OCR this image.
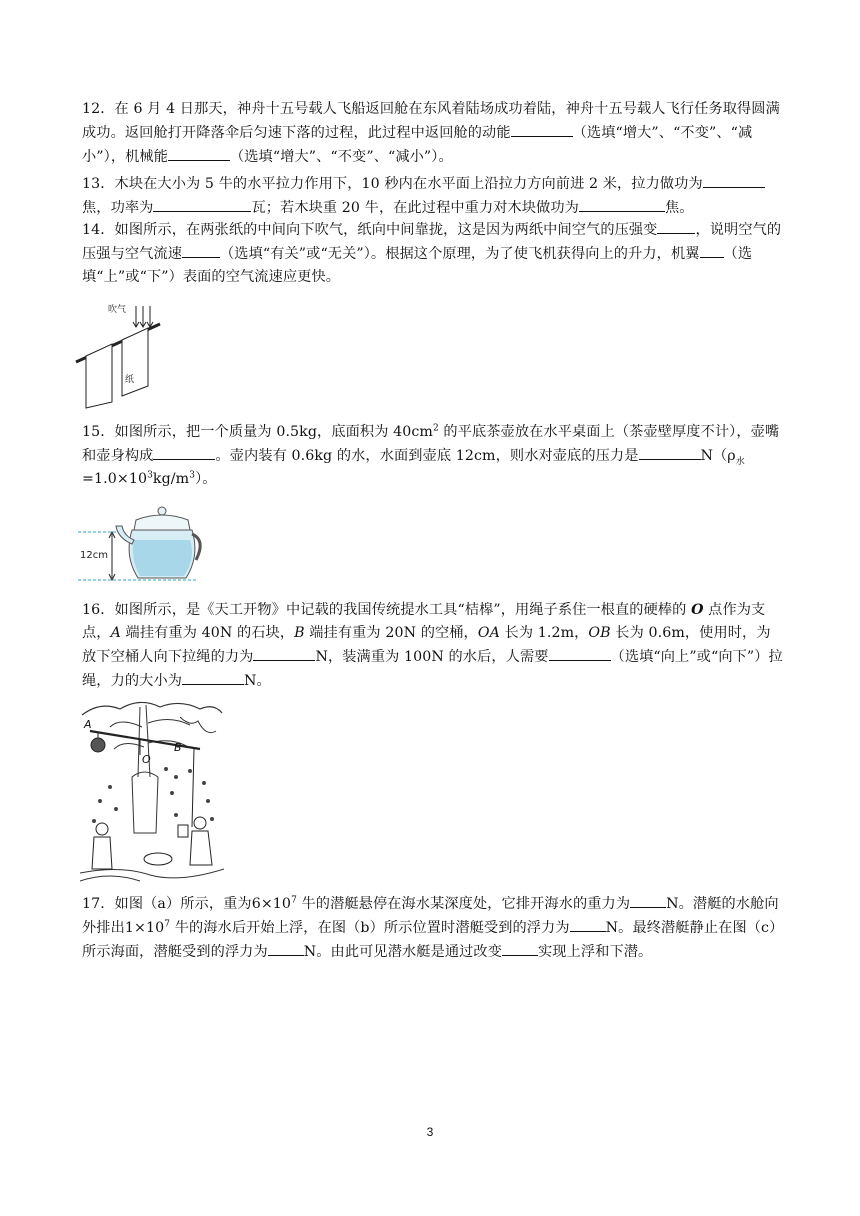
12．在 6 月 4 日那天，神舟十五号载人飞船返回舱在东风着陆场成功着陆，神舟十五号载人飞行任务取得圆满成功。返回舱打开降落伞后匀速下落的过程，此过程中返回舱的动能	（选填“增大”、“不变”、“减小”），机械能	（选填“增大”、“不变”、“减小”）。
13．木块在大小为 5 牛的水平拉力作用下，10 秒内在水平面上沿拉力方向前进 2 米，拉力做功为焦，功率为	瓦；若木块重 20 牛，在此过程中重力对木块做功为	焦。
14．如图所示，在两张纸的中间向下吹气，纸向中间靠拢，这是因为两纸中间空气的压强变	，说明空气的压强与空气流速	（选填“有关”或“无关”）。根据这个原理，为了使飞机获得向上的升力，机翼 （选填“上”或“下”）表面的空气流速应更快。
吹气
纸
15．如图所示，把一个质量为 0.5kg，底面积为 $40cm^2$ 的平底茶壶放在水平桌面上（茶壶壁厚度不计），壶嘴和壶身构成	。壶内装有 0.6kg 的水，水面到壶底 12cm，则水对壶底的压力是	$N(\rho_水=1.0\times 10^3kg/m^3)$。
12cm
16．如图所示，是《天工开物》中记载的我国传统提水工具“桔槔”，用绳子系住一根直的硬棒的 O 点作为支点，A 端挂有重为 40N 的石块，B 端挂有重为 20N 的空桶，OA 长为 1.2m，OB 长为 0.6m，使用时，为放下空桶人向下拉绳的力为	N，装满重为 100N 的水后，人需要	（选填“向上”或“向下”）拉绳，力的大小为	N。
A
O
B
17．如图（a）所示，重为$6\times 10^7$ 牛的潜艇悬停在海水某深度处，它排开海水的重力为	N。潜艇的水舱向外排出$1\times 10^7$ 牛的海水后开始上浮，在图（b）所示位置时潜艇受到的浮力为	N。最终潜艇静止在图（c）所示海面，潜艇受到的浮力为	N。由此可见潜水艇是通过改变	实现上浮和下潜。
3
